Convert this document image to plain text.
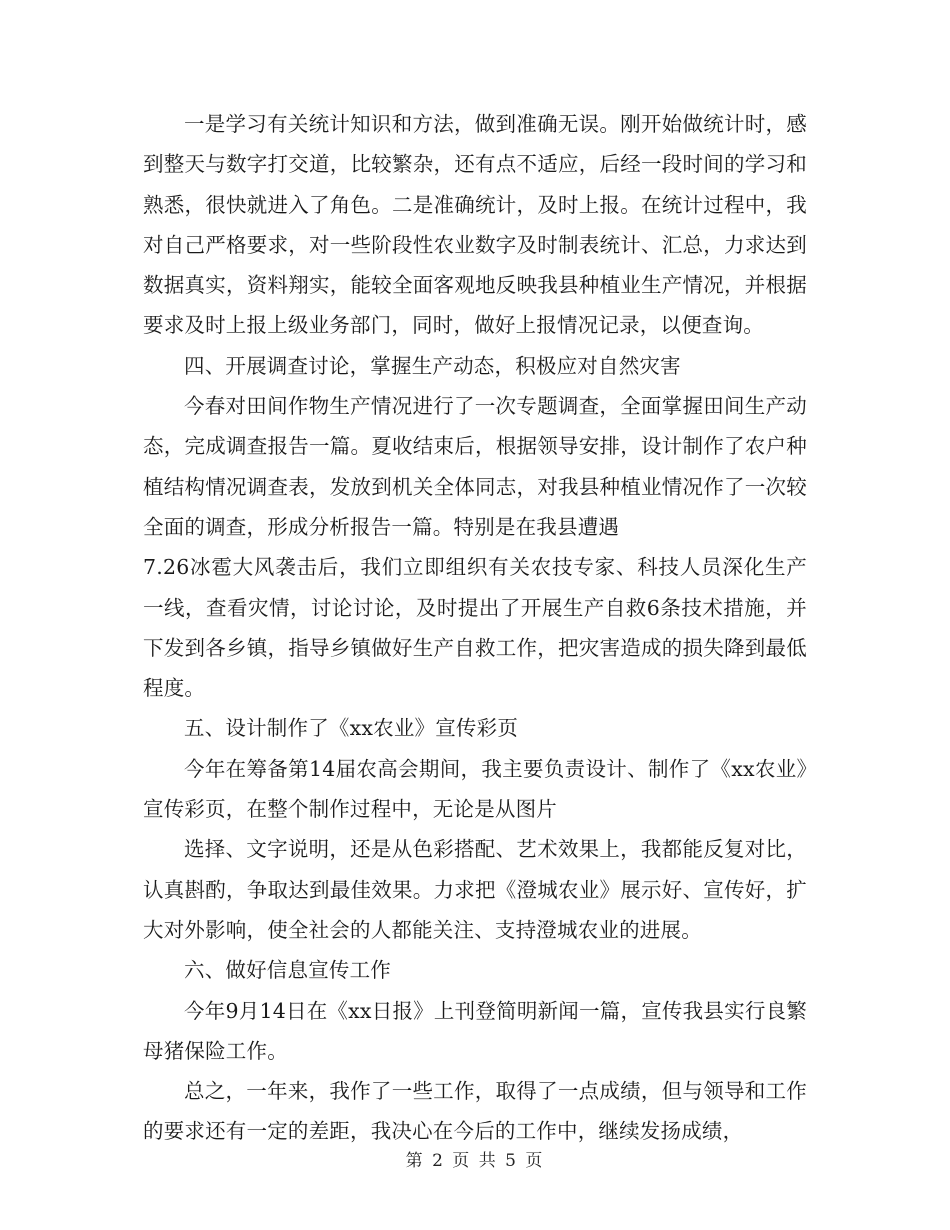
一是学习有关统计知识和方法，做到准确无误。刚开始做统计时，感到整天与数字打交道，比较繁杂，还有点不适应，后经一段时间的学习和熟悉，很快就进入了角色。二是准确统计，及时上报。在统计过程中，我对自己严格要求，对一些阶段性农业数字及时制表统计、汇总，力求达到数据真实，资料翔实，能较全面客观地反映我县种植业生产情况，并根据要求及时上报上级业务部门，同时，做好上报情况记录，以便查询。

四、开展调查讨论，掌握生产动态，积极应对自然灾害

今春对田间作物生产情况进行了一次专题调查，全面掌握田间生产动态，完成调查报告一篇。夏收结束后，根据领导安排，设计制作了农户种植结构情况调查表，发放到机关全体同志，对我县种植业情况作了一次较全面的调查，形成分析报告一篇。特别是在我县遭遇

7.26冰雹大风袭击后，我们立即组织有关农技专家、科技人员深化生产一线，查看灾情，讨论讨论，及时提出了开展生产自救6条技术措施，并下发到各乡镇，指导乡镇做好生产自救工作，把灾害造成的损失降到最低程度。

五、设计制作了《xx农业》宣传彩页

今年在筹备第14届农高会期间，我主要负责设计、制作了《xx农业》宣传彩页，在整个制作过程中，无论是从图片

选择、文字说明，还是从色彩搭配、艺术效果上，我都能反复对比，认真斟酌，争取达到最佳效果。力求把《澄城农业》展示好、宣传好，扩大对外影响，使全社会的人都能关注、支持澄城农业的进展。

六、做好信息宣传工作

今年9月14日在《xx日报》上刊登简明新闻一篇，宣传我县实行良繁母猪保险工作。

总之，一年来，我作了一些工作，取得了一点成绩，但与领导和工作的要求还有一定的差距，我决心在今后的工作中，继续发扬成绩，

第 2 页 共 5 页
